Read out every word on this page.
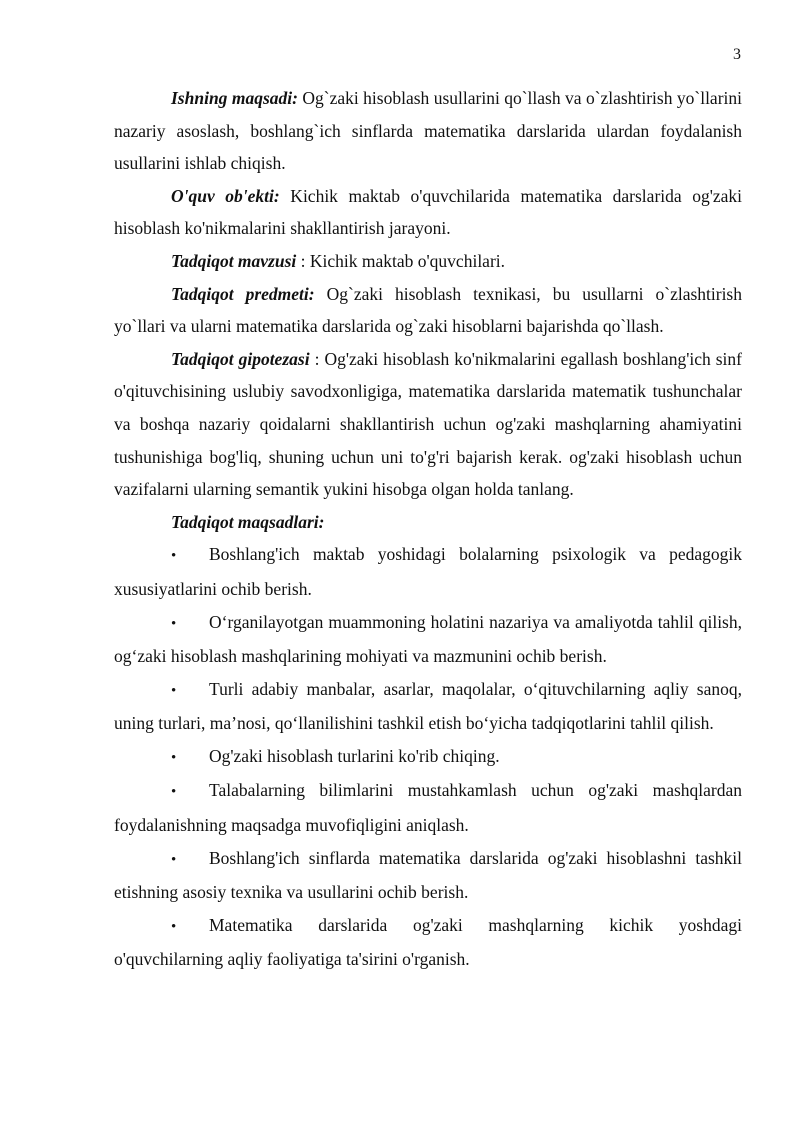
3

Ishning maqsadi: Og`zaki hisoblash usullarini qo`llash va o`zlashtirish yo`llarini nazariy asoslash, boshlang`ich sinflarda matematika darslarida ulardan foydalanish usullarini ishlab chiqish.

O'quv ob'ekti: Kichik maktab o'quvchilarida matematika darslarida og'zaki hisoblash ko'nikmalarini shakllantirish jarayoni.

Tadqiqot mavzusi : Kichik maktab o'quvchilari.

Tadqiqot predmeti: Og`zaki hisoblash texnikasi, bu usullarni o`zlashtirish yo`llari va ularni matematika darslarida og`zaki hisoblarni bajarishda qo`llash.

Tadqiqot gipotezasi : Og'zaki hisoblash ko'nikmalarini egallash boshlang'ich sinf o'qituvchisining uslubiy savodxonligiga, matematika darslarida matematik tushunchalar va boshqa nazariy qoidalarni shakllantirish uchun og'zaki mashqlarning ahamiyatini tushunishiga bog'liq, shuning uchun uni to'g'ri bajarish kerak. og'zaki hisoblash uchun vazifalarni ularning semantik yukini hisobga olgan holda tanlang.

Tadqiqot maqsadlari:

• Boshlang'ich maktab yoshidagi bolalarning psixologik va pedagogik xususiyatlarini ochib berish.

• O‘rganilayotgan muammoning holatini nazariya va amaliyotda tahlil qilish, og‘zaki hisoblash mashqlarining mohiyati va mazmunini ochib berish.

• Turli adabiy manbalar, asarlar, maqolalar, o‘qituvchilarning aqliy sanoq, uning turlari, ma’nosi, qo‘llanilishini tashkil etish bo‘yicha tadqiqotlarini tahlil qilish.

• Og'zaki hisoblash turlarini ko'rib chiqing.

• Talabalarning bilimlarini mustahkamlash uchun og'zaki mashqlardan foydalanishning maqsadga muvofiqligini aniqlash.

• Boshlang'ich sinflarda matematika darslarida og'zaki hisoblashni tashkil etishning asosiy texnika va usullarini ochib berish.

• Matematika darslarida og'zaki mashqlarning kichik yoshdagi o'quvchilarning aqliy faoliyatiga ta'sirini o'rganish.
